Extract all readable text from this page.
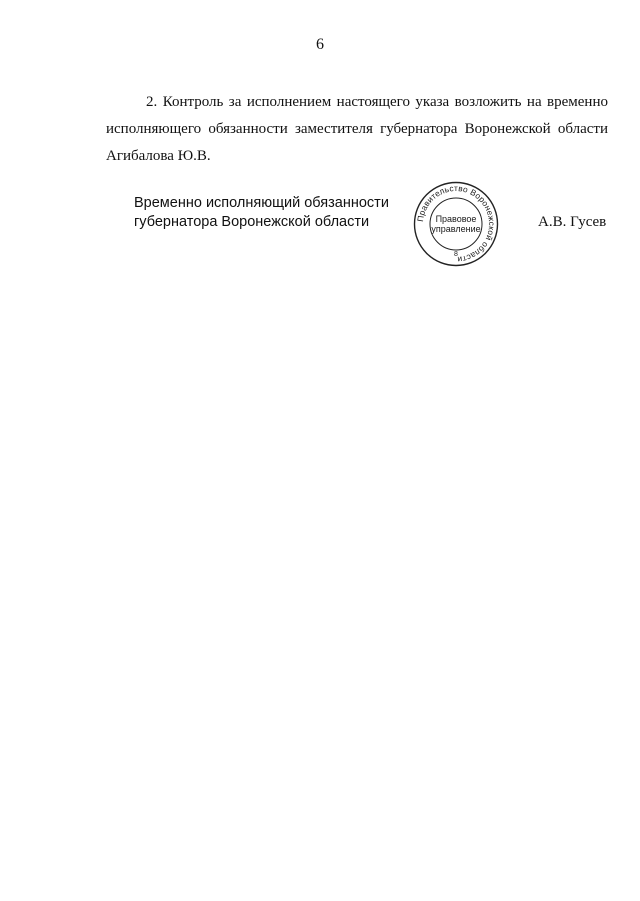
6
2. Контроль за исполнением настоящего указа возложить на временно исполняющего обязанности заместителя губернатора Воронежской области Агибалова Ю.В.
Временно исполняющий обязанности
губернатора Воронежской области	Правительство Воронежской области
Правовое
управление
8
А.В. Гусев
